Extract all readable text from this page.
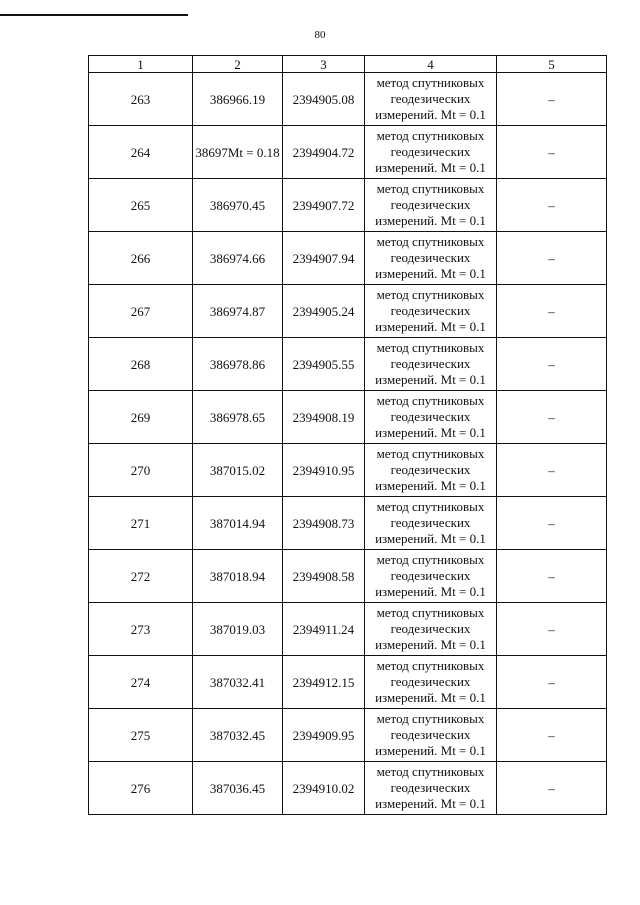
80
1	2	3	4	5
263	386966.19	2394905.08	метод спутниковых геодезических измерений. Mt = 0.1	–
264	38697Mt = 0.18	2394904.72	метод спутниковых геодезических измерений. Mt = 0.1	–
265	386970.45	2394907.72	метод спутниковых геодезических измерений. Mt = 0.1	–
266	386974.66	2394907.94	метод спутниковых геодезических измерений. Mt = 0.1	–
267	386974.87	2394905.24	метод спутниковых геодезических измерений. Mt = 0.1	–
268	386978.86	2394905.55	метод спутниковых геодезических измерений. Mt = 0.1	–
269	386978.65	2394908.19	метод спутниковых геодезических измерений. Mt = 0.1	–
270	387015.02	2394910.95	метод спутниковых геодезических измерений. Mt = 0.1	–
271	387014.94	2394908.73	метод спутниковых геодезических измерений. Mt = 0.1	–
272	387018.94	2394908.58	метод спутниковых геодезических измерений. Mt = 0.1	–
273	387019.03	2394911.24	метод спутниковых геодезических измерений. Mt = 0.1	–
274	387032.41	2394912.15	метод спутниковых геодезических измерений. Mt = 0.1	–
275	387032.45	2394909.95	метод спутниковых геодезических измерений. Mt = 0.1	–
276	387036.45	2394910.02	метод спутниковых геодезических измерений. Mt = 0.1	–
